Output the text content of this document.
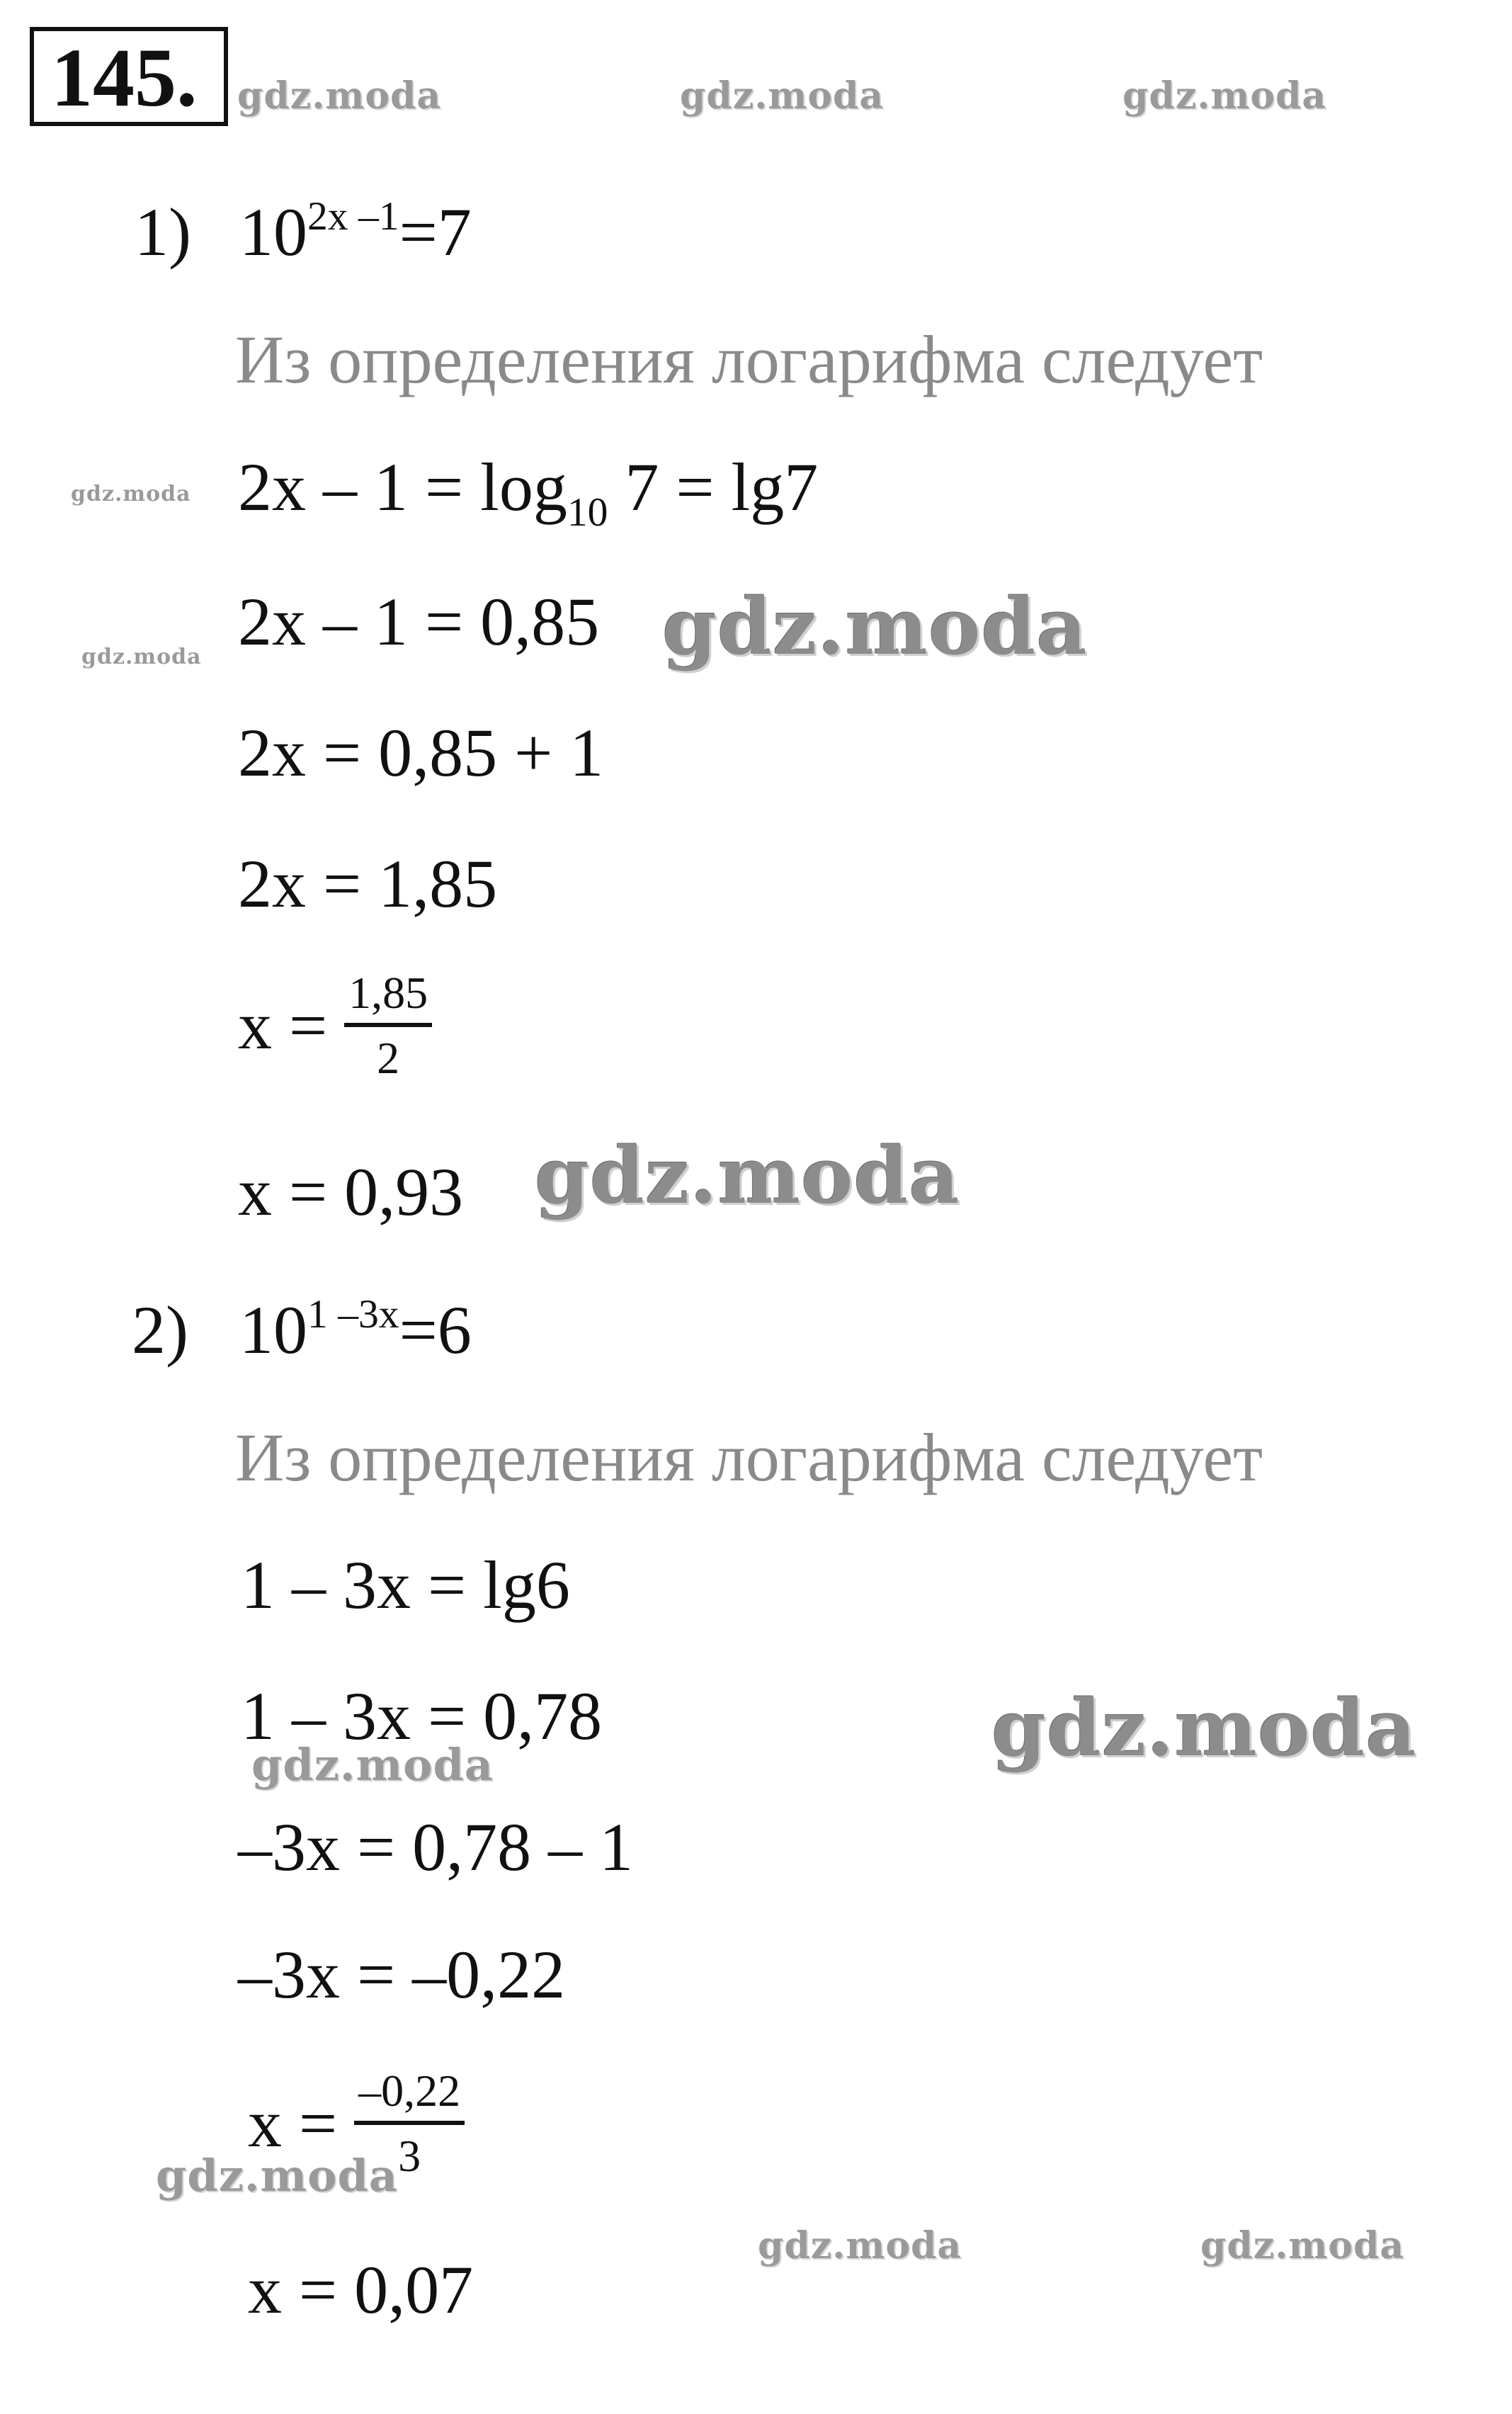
145.
1) $10^{2x -1}=7$
Из определения логарифма следует
$2x - 1 = \log_{10} 7 = \lg 7$
2x – 1 = 0,85
2x = 0,85 + 1
2x = 1,85
$x = \frac{1,85}{2}$
x = 0,93
2) $10^{1 -3x}=6$
Из определения логарифма следует
1 – 3x = lg6
1 – 3x = 0,78
–3x = 0,78 – 1
–3x = –0,22
$x = \frac{-0,22}{3}$
x = 0,07
gdz.moda	gdz.moda	gdz.moda
gdz.moda
gdz.moda	gdz.moda
gdz.moda
gdz.moda
gdz.moda
gdz.moda
gdz.moda	gdz.moda
